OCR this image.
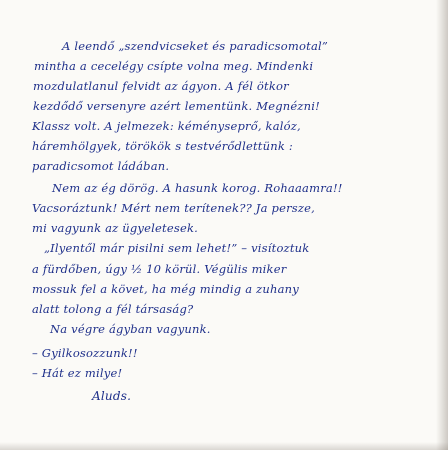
A leendő „szendvicseket és paradicsomotal”
mintha a cecelégy csípte volna meg. Mindenki
mozdulatlanul felvidt az ágyon. A fél ötkor
kezdődő versenyre azért lementünk. Megnézni!
Klassz volt. A jelmezek: kéményseprő, kalóz,
háremhölgyek, törökök s testvérődlettünk :
paradicsomot ládában.
Nem az ég dörög. A hasunk korog. Rohaaamra!!
Vacsoráztunk! Mért nem terítenek?? Ja persze,
mi vagyunk az ügyeletesek.
„Ilyentől már pisilni sem lehet!” – visítoztuk
a fürdőben, úgy ½ 10 körül. Végülis miker
mossuk fel a követ, ha még mindig a zuhany
alatt tolong a fél társaság?
Na végre ágyban vagyunk.
– Gyilkosozzunk!!
– Hát ez milye!
Aluds.
